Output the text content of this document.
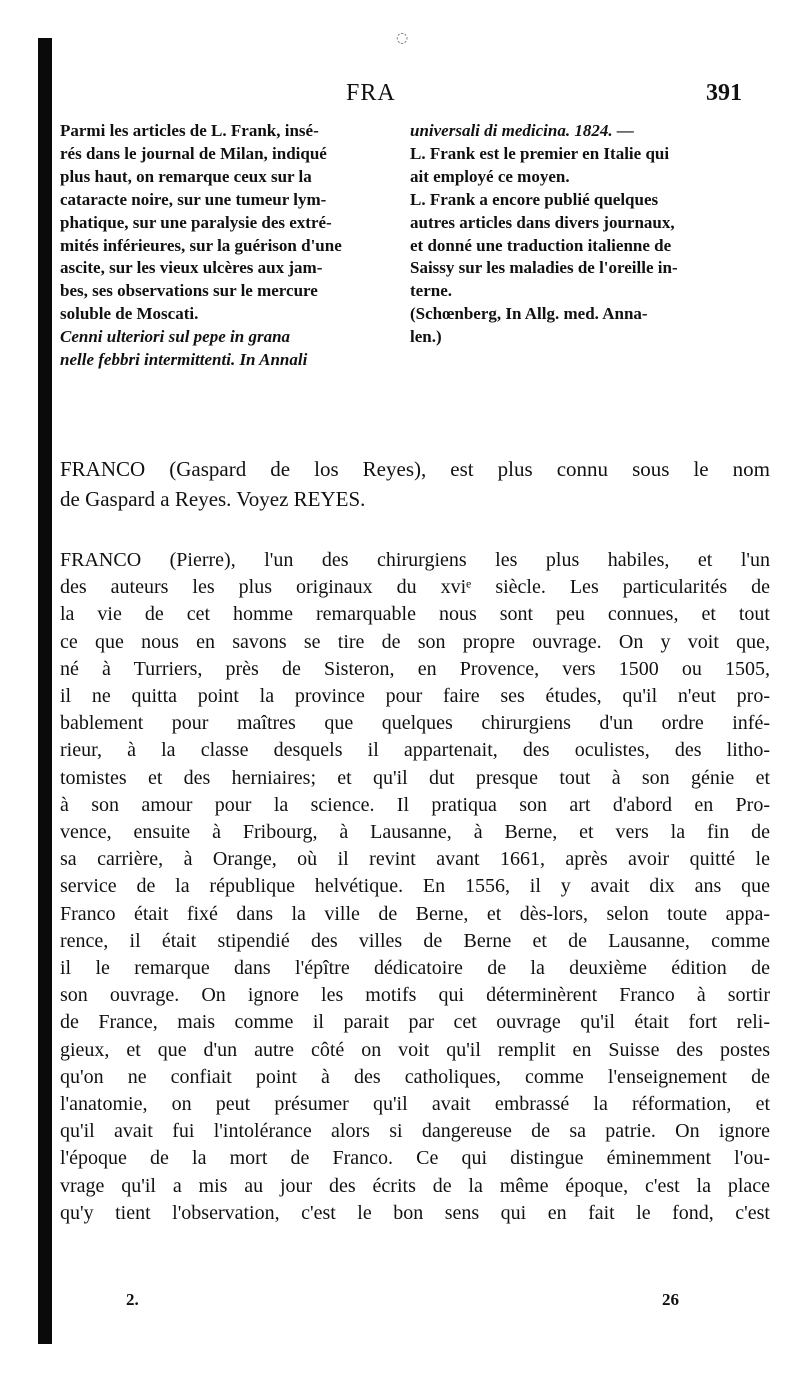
◌
FRA	391
Parmi les articles de L. Frank, insé-
rés dans le journal de Milan, indiqué
plus haut, on remarque ceux sur la
cataracte noire, sur une tumeur lym-
phatique, sur une paralysie des extré-
mités inférieures, sur la guérison d'une
ascite, sur les vieux ulcères aux jam-
bes, ses observations sur le mercure
soluble de Moscati.
Cenni ulteriori sul pepe in grana
nelle febbri intermittenti. In Annali
universali di medicina. 1824. —
L. Frank est le premier en Italie qui
ait employé ce moyen.
L. Frank a encore publié quelques
autres articles dans divers journaux,
et donné une traduction italienne de
Saissy sur les maladies de l'oreille in-
terne.
(Schœnberg, In Allg. med. Anna-
len.)
FRANCO (Gaspard de los Reyes), est plus connu sous le nom
de Gaspard a Reyes. Voyez REYES.
FRANCO (Pierre), l'un des chirurgiens les plus habiles, et l'un
des auteurs les plus originaux du xviᵉ siècle. Les particularités de
la vie de cet homme remarquable nous sont peu connues, et tout
ce que nous en savons se tire de son propre ouvrage. On y voit que,
né à Turriers, près de Sisteron, en Provence, vers 1500 ou 1505,
il ne quitta point la province pour faire ses études, qu'il n'eut pro-
bablement pour maîtres que quelques chirurgiens d'un ordre infé-
rieur, à la classe desquels il appartenait, des oculistes, des litho-
tomistes et des herniaires; et qu'il dut presque tout à son génie et
à son amour pour la science. Il pratiqua son art d'abord en Pro-
vence, ensuite à Fribourg, à Lausanne, à Berne, et vers la fin de
sa carrière, à Orange, où il revint avant 1661, après avoir quitté le
service de la république helvétique. En 1556, il y avait dix ans que
Franco était fixé dans la ville de Berne, et dès-lors, selon toute appa-
rence, il était stipendié des villes de Berne et de Lausanne, comme
il le remarque dans l'épître dédicatoire de la deuxième édition de
son ouvrage. On ignore les motifs qui déterminèrent Franco à sortir
de France, mais comme il parait par cet ouvrage qu'il était fort reli-
gieux, et que d'un autre côté on voit qu'il remplit en Suisse des postes
qu'on ne confiait point à des catholiques, comme l'enseignement de
l'anatomie, on peut présumer qu'il avait embrassé la réformation, et
qu'il avait fui l'intolérance alors si dangereuse de sa patrie. On ignore
l'époque de la mort de Franco. Ce qui distingue éminemment l'ou-
vrage qu'il a mis au jour des écrits de la même époque, c'est la place
qu'y tient l'observation, c'est le bon sens qui en fait le fond, c'est
2.	26
